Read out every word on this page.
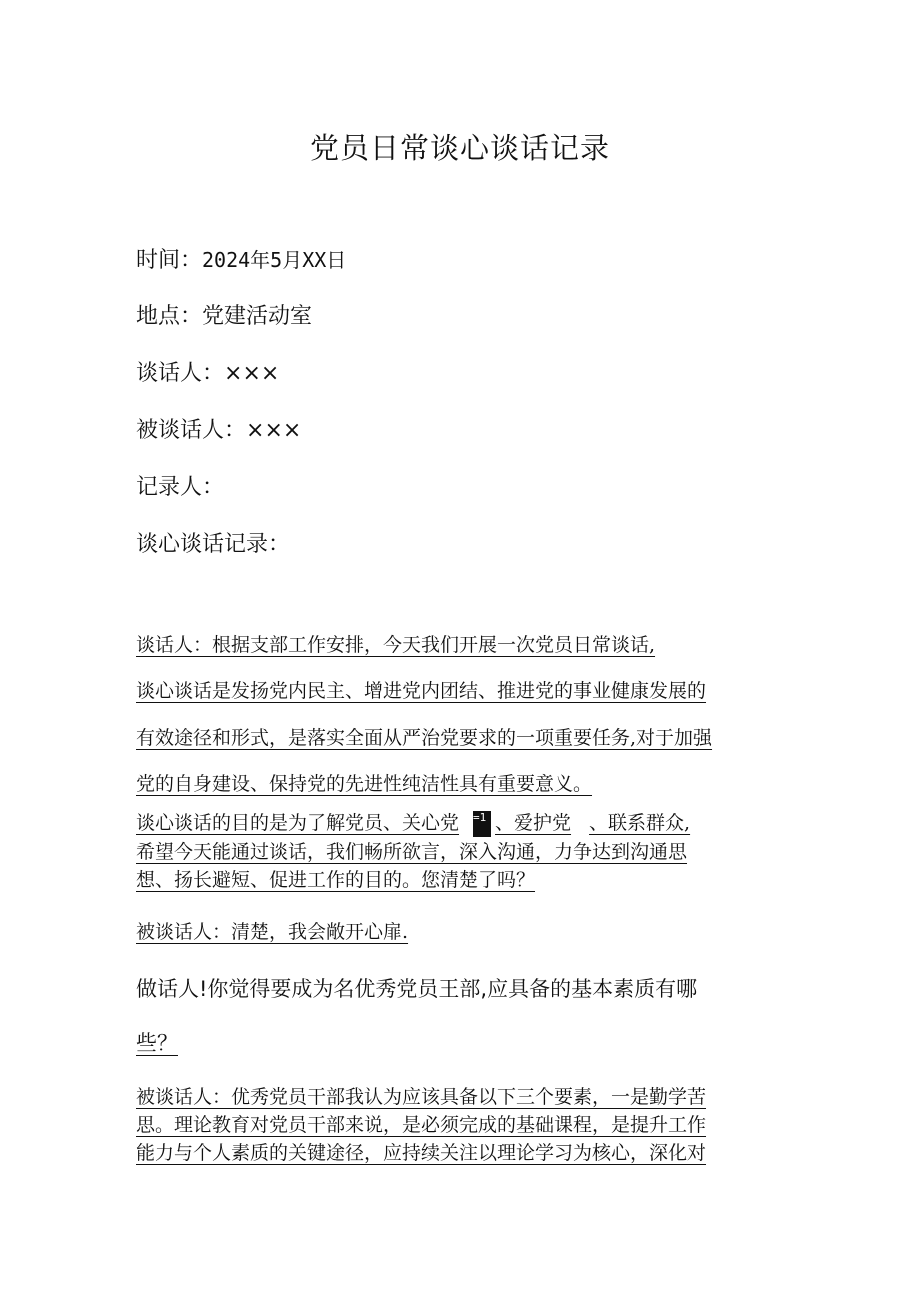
党员日常谈心谈话记录
时间：2024年5月XX日
地点：党建活动室
谈话人：×××
被谈话人：×××
记录人：
谈心谈话记录：
谈话人：根据支部工作安排，今天我们开展一次党员日常谈话,
谈心谈话是发扬党内民主、增进党内团结、推进党的事业健康发展的
有效途径和形式，是落实全面从严治党要求的一项重要任务,对于加强
党的自身建设、保持党的先进性纯洁性具有重要意义。
谈心谈话的目的是为了解党员、关心党 =1 4、爱护党 、联系群众,
希望今天能通过谈话，我们畅所欲言，深入沟通，力争达到沟通思
想、扬长避短、促进工作的目的。您清楚了吗？
被谈话人：清楚，我会敞开心扉.
做话人!你觉得要成为名优秀党员王部,应具备的基本素质有哪
些？
被谈话人：优秀党员干部我认为应该具备以下三个要素，一是勤学苦
思。理论教育对党员干部来说，是必须完成的基础课程，是提升工作
能力与个人素质的关键途径，应持续关注以理论学习为核心，深化对
